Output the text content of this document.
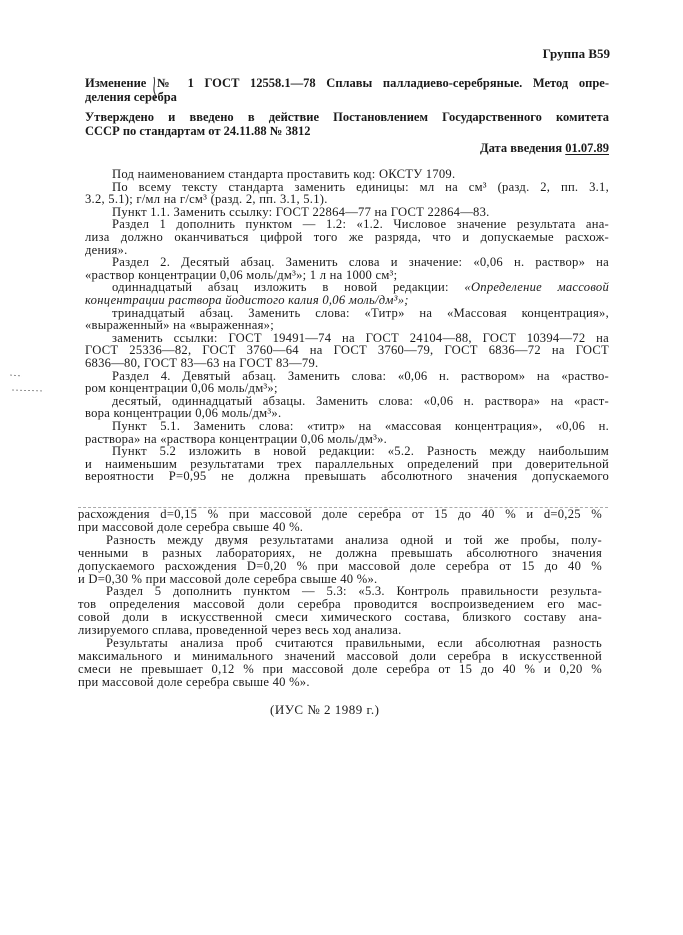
Группа В59
Изменение № 1 ГОСТ 12558.1—78 Сплавы палладиево-серебряные. Метод опре-
деления серебра
Утверждено и введено в действие Постановлением Государственного комитета
СССР по стандартам от 24.11.88 № 3812
Дата введения 01.07.89
Под наименованием стандарта проставить код: ОКСТУ 1709.
По всему тексту стандарта заменить единицы: мл на см³ (разд. 2, пп. 3.1,
3.2, 5.1); г/мл на г/см³ (разд. 2, пп. 3.1, 5.1).
Пункт 1.1. Заменить ссылку: ГОСТ 22864—77 на ГОСТ 22864—83.
Раздел 1 дополнить пунктом — 1.2: «1.2. Числовое значение результата ана-
лиза должно оканчиваться цифрой того же разряда, что и допускаемые расхож-
дения».
Раздел 2. Десятый абзац. Заменить слова и значение: «0,06 н. раствор» на
«раствор концентрации 0,06 моль/дм³»; 1 л на 1000 см³;
одиннадцатый абзац изложить в новой редакции: «Определение массовой
концентрации раствора йодистого калия 0,06 моль/дм³»;
тринадцатый абзац. Заменить слова: «Титр» на «Массовая концентрация»,
«выраженный» на «выраженная»;
заменить ссылки: ГОСТ 19491—74 на ГОСТ 24104—88, ГОСТ 10394—72 на
ГОСТ 25336—82, ГОСТ 3760—64 на ГОСТ 3760—79, ГОСТ 6836—72 на ГОСТ
6836—80, ГОСТ 83—63 на ГОСТ 83—79.
Раздел 4. Девятый абзац. Заменить слова: «0,06 н. раствором» на «раство-
ром концентрации 0,06 моль/дм³»;
десятый, одиннадцатый абзацы. Заменить слова: «0,06 н. раствора» на «раст-
вора концентрации 0,06 моль/дм³».
Пункт 5.1. Заменить слова: «титр» на «массовая концентрация», «0,06 н.
раствора» на «раствора концентрации 0,06 моль/дм³».
Пункт 5.2 изложить в новой редакции: «5.2. Разность между наибольшим
и наименьшим результатами трех параллельных определений при доверительной
вероятности P=0,95 не должна превышать абсолютного значения допускаемого
расхождения d=0,15 % при массовой доле серебра от 15 до 40 % и d=0,25 %
при массовой доле серебра свыше 40 %.
Разность между двумя результатами анализа одной и той же пробы, полу-
ченными в разных лабораториях, не должна превышать абсолютного значения
допускаемого расхождения D=0,20 % при массовой доле серебра от 15 до 40 %
и D=0,30 % при массовой доле серебра свыше 40 %».
Раздел 5 дополнить пунктом — 5.3: «5.3. Контроль правильности результа-
тов определения массовой доли серебра проводится воспроизведением его мас-
совой доли в искусственной смеси химического состава, близкого составу ана-
лизируемого сплава, проведенной через весь ход анализа.
Результаты анализа проб считаются правильными, если абсолютная разность
максимального и минимального значений массовой доли серебра в искусственной
смеси не превышает 0,12 % при массовой доле серебра от 15 до 40 % и 0,20 %
при массовой доле серебра свыше 40 %».
(ИУС № 2 1989 г.)
